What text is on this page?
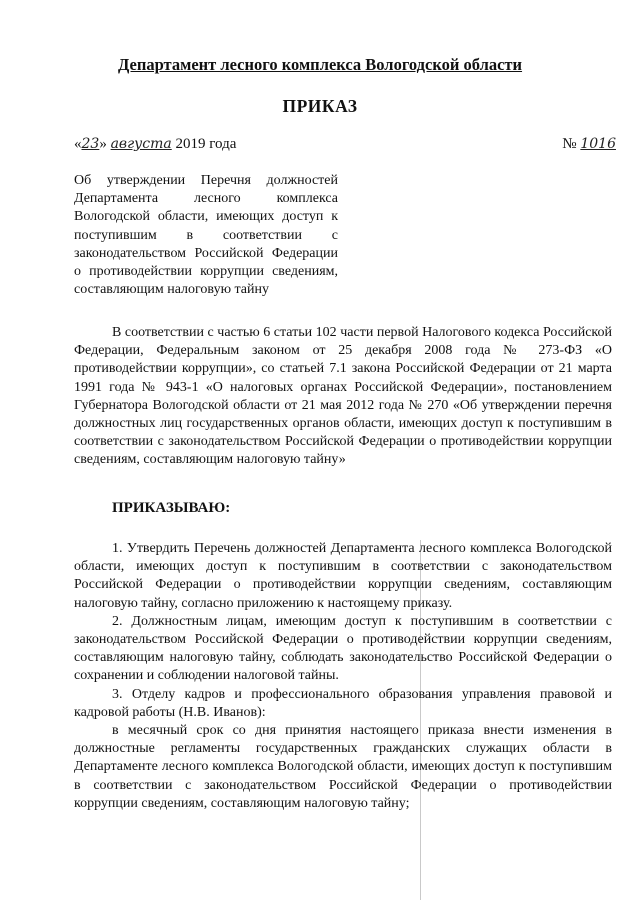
Департамент лесного комплекса Вологодской области
ПРИКАЗ
«23» августа 2019 года	№ 1016
Об утверждении Перечня должностей Департамента лесного комплекса Вологодской области, имеющих доступ к поступившим в соответствии с законодательством Российской Федерации о противодействии коррупции сведениям, составляющим налоговую тайну

В соответствии с частью 6 статьи 102 части первой Налогового кодекса Российской Федерации, Федеральным законом от 25 декабря 2008 года № 273-ФЗ «О противодействии коррупции», со статьей 7.1 закона Российской Федерации от 21 марта 1991 года № 943-1 «О налоговых органах Российской Федерации», постановлением Губернатора Вологодской области от 21 мая 2012 года № 270 «Об утверждении перечня должностных лиц государственных органов области, имеющих доступ к поступившим в соответствии с законодательством Российской Федерации о противодействии коррупции сведениям, составляющим налоговую тайну»

ПРИКАЗЫВАЮ:

1. Утвердить Перечень должностей Департамента лесного комплекса Вологодской области, имеющих доступ к поступившим в соответствии с законодательством Российской Федерации о противодействии коррупции сведениям, составляющим налоговую тайну, согласно приложению к настоящему приказу.

2. Должностным лицам, имеющим доступ к поступившим в соответствии с законодательством Российской Федерации о противодействии коррупции сведениям, составляющим налоговую тайну, соблюдать законодательство Российской Федерации о сохранении и соблюдении налоговой тайны.

3. Отделу кадров и профессионального образования управления правовой и кадровой работы (Н.В. Иванов):

в месячный срок со дня принятия настоящего приказа внести изменения в должностные регламенты государственных гражданских служащих области в Департаменте лесного комплекса Вологодской области, имеющих доступ к поступившим в соответствии с законодательством Российской Федерации о противодействии коррупции сведениям, составляющим налоговую тайну;
